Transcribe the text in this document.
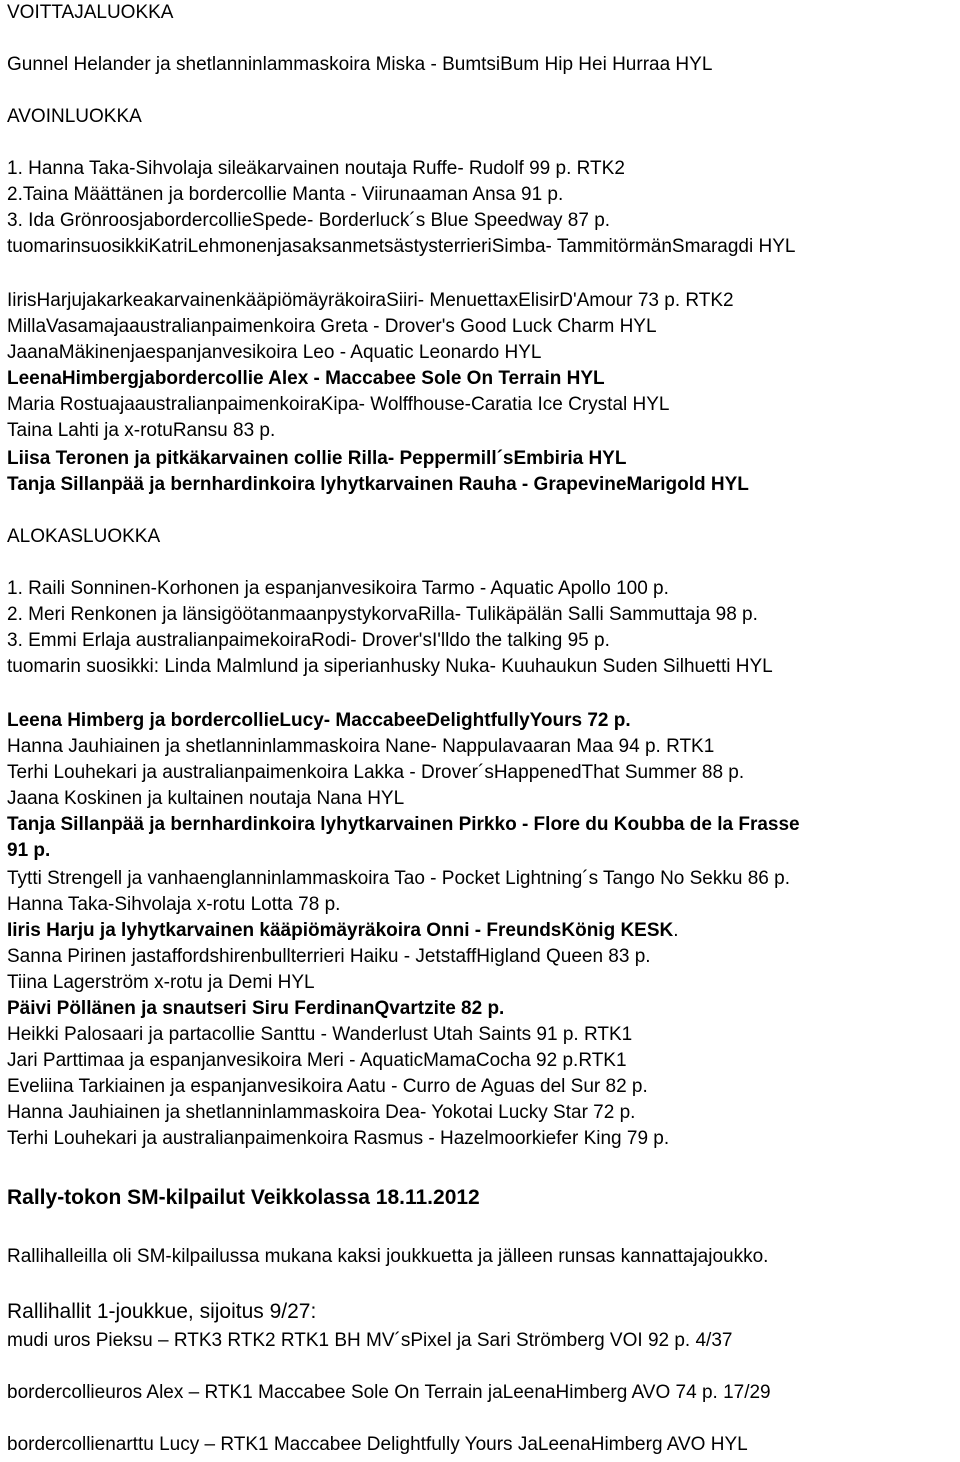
VOITTAJALUOKKA
Gunnel Helander ja shetlanninlammaskoira Miska - BumtsiBum Hip Hei Hurraa HYL
AVOINLUOKKA
1. Hanna Taka-Sihvolaja sileäkarvainen noutaja Ruffe- Rudolf 99 p. RTK2
2.Taina Määttänen ja bordercollie Manta - Viirunaaman Ansa 91 p.
3. Ida GrönroosjabordercollieSpede- Borderluck´s Blue Speedway 87 p.
tuomarinsuosikkiKatriLehmonenjasaksanmetsästysterrieriSimba- TammitörmänSmaragdi HYL
IirisHarjujakarkeakarvainenkääpiömäyräkoiraSiiri- MenuettaxElisirD'Amour 73 p. RTK2
MillaVasamajaaustralianpaimenkoira Greta - Drover's Good Luck Charm HYL
JaanaMäkinenjaespanjanvesikoira Leo - Aquatic Leonardo HYL
LeenaHimbergjabordercollie Alex - Maccabee Sole On Terrain HYL
Maria RostuajaaustralianpaimenkoiraKipa- Wolffhouse-Caratia Ice Crystal HYL
Taina Lahti ja x-rotuRansu 83 p.
Liisa Teronen ja pitkäkarvainen collie Rilla- Peppermill´sEmbiria HYL
Tanja Sillanpää ja bernhardinkoira lyhytkarvainen Rauha - GrapevineMarigold HYL
ALOKASLUOKKA
1. Raili Sonninen-Korhonen ja espanjanvesikoira Tarmo - Aquatic Apollo 100 p.
2. Meri Renkonen ja länsigöötanmaanpystykorvaRilla- Tulikäpälän Salli Sammuttaja 98 p.
3. Emmi Erlaja australianpaimekoiraRodi- Drover'sI'lldo the talking 95 p.
tuomarin suosikki: Linda Malmlund ja siperianhusky Nuka- Kuuhaukun Suden Silhuetti HYL
Leena Himberg ja bordercollieLucy- MaccabeeDelightfullyYours 72 p.
Hanna Jauhiainen ja shetlanninlammaskoira Nane- Nappulavaaran Maa 94 p. RTK1
Terhi Louhekari ja australianpaimenkoira Lakka - Drover´sHappenedThat Summer 88 p.
Jaana Koskinen ja kultainen noutaja Nana HYL
Tanja Sillanpää ja bernhardinkoira lyhytkarvainen Pirkko - Flore du Koubba de la Frasse
91 p.
Tytti Strengell ja vanhaenglanninlammaskoira Tao - Pocket Lightning´s Tango No Sekku 86 p.
Hanna Taka-Sihvolaja x-rotu Lotta 78 p.
Iiris Harju ja lyhytkarvainen kääpiömäyräkoira Onni - FreundsKönig KESK.
Sanna Pirinen jastaffordshirenbullterrieri Haiku - JetstaffHigland Queen 83 p.
Tiina Lagerström x-rotu ja Demi HYL
Päivi Pöllänen ja snautseri Siru FerdinanQvartzite 82 p.
Heikki Palosaari ja partacollie Santtu - Wanderlust Utah Saints 91 p. RTK1
Jari Parttimaa ja espanjanvesikoira Meri - AquaticMamaCocha 92 p.RTK1
Eveliina Tarkiainen ja espanjanvesikoira Aatu - Curro de Aguas del Sur 82 p.
Hanna Jauhiainen ja shetlanninlammaskoira Dea- Yokotai Lucky Star 72 p.
Terhi Louhekari ja australianpaimenkoira Rasmus - Hazelmoorkiefer King 79 p.
Rally-tokon SM-kilpailut Veikkolassa 18.11.2012
Rallihalleilla oli SM-kilpailussa mukana kaksi joukkuetta ja jälleen runsas kannattajajoukko.
Rallihallit 1-joukkue, sijoitus 9/27:
mudi uros Pieksu – RTK3 RTK2 RTK1 BH MV´sPixel ja Sari Strömberg VOI 92 p. 4/37
bordercollieuros Alex – RTK1 Maccabee Sole On Terrain jaLeenaHimberg AVO 74 p. 17/29
bordercollienarttu Lucy – RTK1 Maccabee Delightfully Yours JaLeenaHimberg AVO HYL
